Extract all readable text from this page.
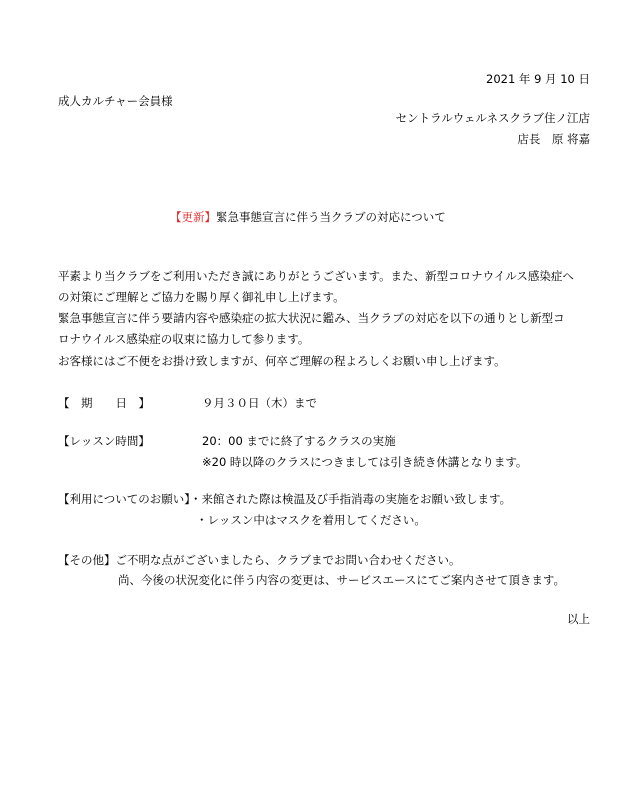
2021 年 9 月 10 日
成人カルチャー会員様
セントラルウェルネスクラブ住ノ江店
店長　原 将嘉
【更新】緊急事態宣言に伴う当クラブの対応について
平素より当クラブをご利用いただき誠にありがとうございます。また、新型コロナウイルス感染症へ
の対策にご理解とご協力を賜り厚く御礼申し上げます。
緊急事態宣言に伴う要請内容や感染症の拡大状況に鑑み、当クラブの対応を以下の通りとし新型コ
ロナウイルス感染症の収束に協力して参ります。
お客様にはご不便をお掛け致しますが、何卒ご理解の程よろしくお願い申し上げます。
【　期　　日　】	９月３０日（木）まで
【レッスン時間】	20：00 までに終了するクラスの実施
※20 時以降のクラスにつきましては引き続き休講となります。
【利用についてのお願い】・来館された際は検温及び手指消毒の実施をお願い致します。
・レッスン中はマスクを着用してください。
【その他】ご不明な点がございましたら、クラブまでお問い合わせください。
尚、今後の状況変化に伴う内容の変更は、サービスエースにてご案内させて頂きます。
以上
